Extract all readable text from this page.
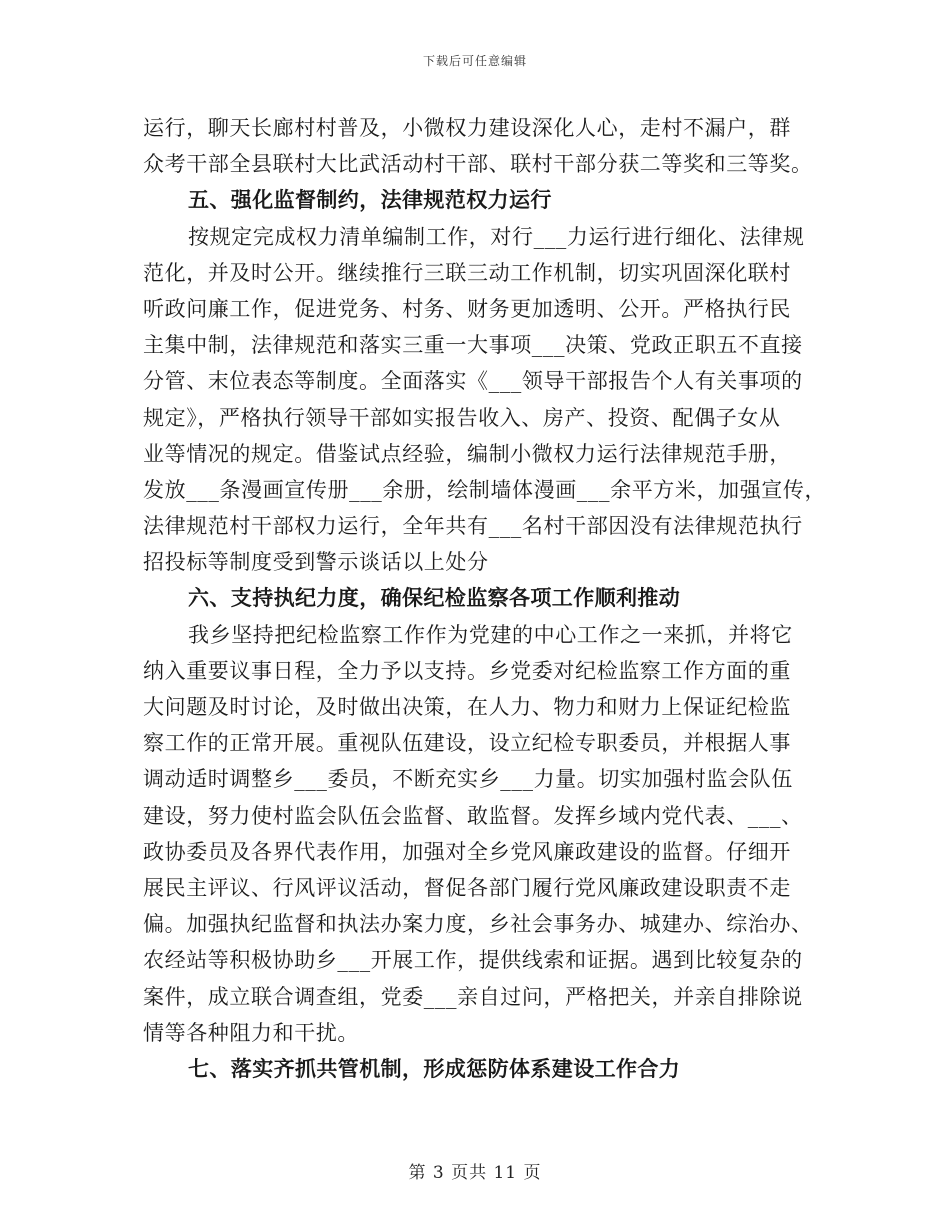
下载后可任意编辑
运行，聊天长廊村村普及，小微权力建设深化人心，走村不漏户，群
众考干部全县联村大比武活动村干部、联村干部分获二等奖和三等奖。
五、强化监督制约，法律规范权力运行
按规定完成权力清单编制工作，对行___力运行进行细化、法律规
范化，并及时公开。继续推行三联三动工作机制，切实巩固深化联村
听政问廉工作，促进党务、村务、财务更加透明、公开。严格执行民
主集中制，法律规范和落实三重一大事项___决策、党政正职五不直接
分管、末位表态等制度。全面落实《___领导干部报告个人有关事项的
规定》，严格执行领导干部如实报告收入、房产、投资、配偶子女从
业等情况的规定。借鉴试点经验，编制小微权力运行法律规范手册，
发放___条漫画宣传册___余册，绘制墙体漫画___余平方米，加强宣传，
法律规范村干部权力运行，全年共有___名村干部因没有法律规范执行
招投标等制度受到警示谈话以上处分
六、支持执纪力度，确保纪检监察各项工作顺利推动
我乡坚持把纪检监察工作作为党建的中心工作之一来抓，并将它
纳入重要议事日程，全力予以支持。乡党委对纪检监察工作方面的重
大问题及时讨论，及时做出决策，在人力、物力和财力上保证纪检监
察工作的正常开展。重视队伍建设，设立纪检专职委员，并根据人事
调动适时调整乡___委员，不断充实乡___力量。切实加强村监会队伍
建设，努力使村监会队伍会监督、敢监督。发挥乡域内党代表、___、
政协委员及各界代表作用，加强对全乡党风廉政建设的监督。仔细开
展民主评议、行风评议活动，督促各部门履行党风廉政建设职责不走
偏。加强执纪监督和执法办案力度，乡社会事务办、城建办、综治办、
农经站等积极协助乡___开展工作，提供线索和证据。遇到比较复杂的
案件，成立联合调查组，党委___亲自过问，严格把关，并亲自排除说
情等各种阻力和干扰。
七、落实齐抓共管机制，形成惩防体系建设工作合力
第 3 页共 11 页
